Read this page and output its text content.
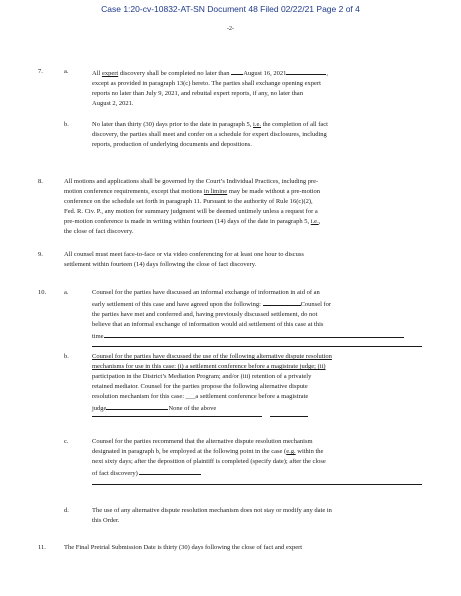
Case 1:20-cv-10832-AT-SN Document 48 Filed 02/22/21 Page 2 of 4
-2-
7.	a.	All expert discovery shall be completed no later than August 16, 2021	,
except as provided in paragraph 13(c) hereto. The parties shall exchange opening expert
reports no later than July 9, 2021, and rebuttal expert reports, if any, no later than
August 2, 2021.
b.	No later than thirty (30) days prior to the date in paragraph 5, i.e. the completion of all fact
discovery, the parties shall meet and confer on a schedule for expert disclosures, including
reports, production of underlying documents and depositions.
8.	All motions and applications shall be governed by the Court’s Individual Practices, including pre-
motion conference requirements, except that motions in limine may be made without a pre-motion
conference on the schedule set forth in paragraph 11. Pursuant to the authority of Rule 16(c)(2),
Fed. R. Civ. P., any motion for summary judgment will be deemed untimely unless a request for a
pre-motion conference is made in writing within fourteen (14) days of the date in paragraph 5, i.e.,
the close of fact discovery.
9.	All counsel must meet face-to-face or via video conferencing for at least one hour to discuss
settlement within fourteen (14) days following the close of fact discovery.
10.	a.	Counsel for the parties have discussed an informal exchange of information in aid of an
early settlement of this case and have agreed upon the following:	Counsel for
the parties have met and conferred and, having previously discussed settlement, do not
believe that an informal exchange of information would aid settlement of this case at this
time
b.	Counsel for the parties have discussed the use of the following alternative dispute resolution
mechanisms for use in this case: (i) a settlement conference before a magistrate judge; (ii)
participation in the District’s Mediation Program; and/or (iii) retention of a privately
retained mediator. Counsel for the parties propose the following alternative dispute
resolution mechanism for this case: ___a settlement conference before a magistrate
judge	None of the above
c.	Counsel for the parties recommend that the alternative dispute resolution mechanism
designated in paragraph b, be employed at the following point in the case (e.g. within the
next sixty days; after the deposition of plaintiff is completed (specify date); after the close
of fact discovery)
d.	The use of any alternative dispute resolution mechanism does not stay or modify any date in
this Order.
11.	The Final Pretrial Submission Date is thirty (30) days following the close of fact and expert
